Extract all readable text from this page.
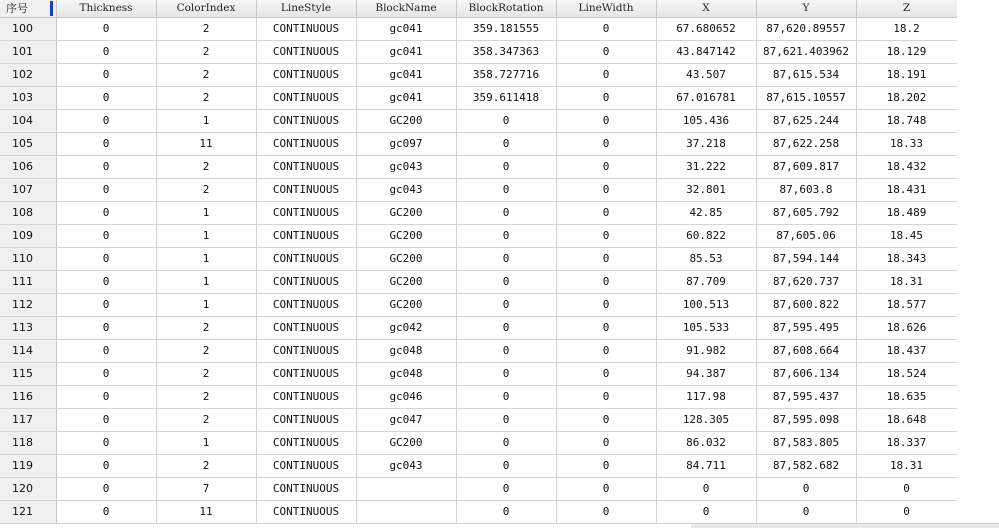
序号	Thickness	ColorIndex	LineStyle	BlockName	BlockRotation	LineWidth	X	Y	Z
100	0	2	CONTINUOUS	gc041	359.181555	0	67.680652	87,620.89557	18.2
101	0	2	CONTINUOUS	gc041	358.347363	0	43.847142	87,621.403962	18.129
102	0	2	CONTINUOUS	gc041	358.727716	0	43.507	87,615.534	18.191
103	0	2	CONTINUOUS	gc041	359.611418	0	67.016781	87,615.10557	18.202
104	0	1	CONTINUOUS	GC200	0	0	105.436	87,625.244	18.748
105	0	11	CONTINUOUS	gc097	0	0	37.218	87,622.258	18.33
106	0	2	CONTINUOUS	gc043	0	0	31.222	87,609.817	18.432
107	0	2	CONTINUOUS	gc043	0	0	32.801	87,603.8	18.431
108	0	1	CONTINUOUS	GC200	0	0	42.85	87,605.792	18.489
109	0	1	CONTINUOUS	GC200	0	0	60.822	87,605.06	18.45
110	0	1	CONTINUOUS	GC200	0	0	85.53	87,594.144	18.343
111	0	1	CONTINUOUS	GC200	0	0	87.709	87,620.737	18.31
112	0	1	CONTINUOUS	GC200	0	0	100.513	87,600.822	18.577
113	0	2	CONTINUOUS	gc042	0	0	105.533	87,595.495	18.626
114	0	2	CONTINUOUS	gc048	0	0	91.982	87,608.664	18.437
115	0	2	CONTINUOUS	gc048	0	0	94.387	87,606.134	18.524
116	0	2	CONTINUOUS	gc046	0	0	117.98	87,595.437	18.635
117	0	2	CONTINUOUS	gc047	0	0	128.305	87,595.098	18.648
118	0	1	CONTINUOUS	GC200	0	0	86.032	87,583.805	18.337
119	0	2	CONTINUOUS	gc043	0	0	84.711	87,582.682	18.31
120	0	7	CONTINUOUS		0	0	0	0	0
121	0	11	CONTINUOUS		0	0	0	0	0
